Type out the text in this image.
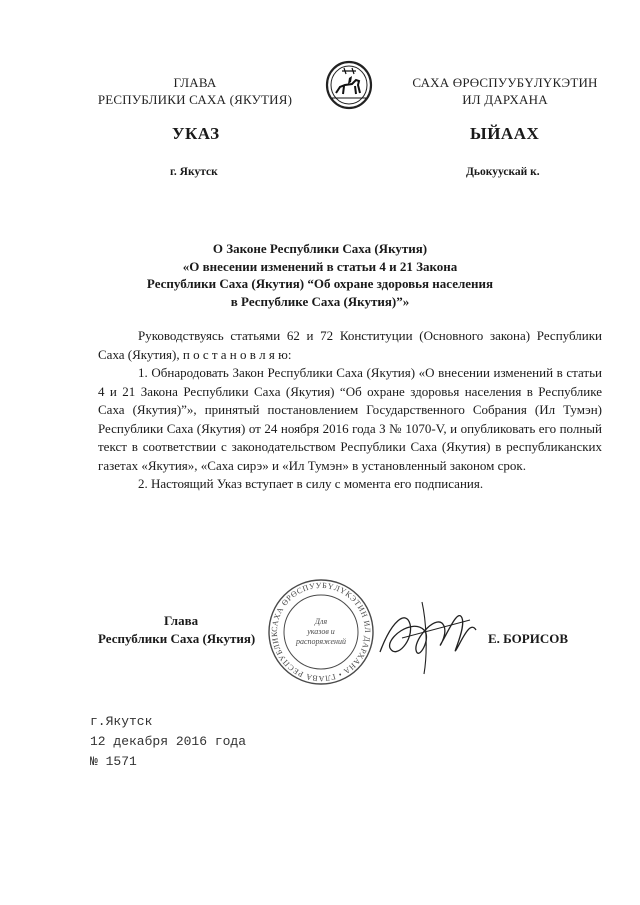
ГЛАВА
РЕСПУБЛИКИ САХА (ЯКУТИЯ)
САХА ӨРӨСПУУБҮЛҮКЭТИН
ИЛ ДАРХАНА
УКАЗ	ЫЙААХ
г. Якутск	Дьокуускай к.
О Законе Республики Саха (Якутия)
«О внесении изменений в статьи 4 и 21 Закона
Республики Саха (Якутия) “Об охране здоровья населения
в Республике Саха (Якутия)”»

Руководствуясь статьями 62 и 72 Конституции (Основного закона) Республики Саха (Якутия), п о с т а н о в л я ю:

1. Обнародовать Закон Республики Саха (Якутия) «О внесении изменений в статьи 4 и 21 Закона Республики Саха (Якутия) “Об охране здоровья населения в Республике Саха (Якутия)”», принятый постановлением Государственного Собрания (Ил Тумэн) Республики Саха (Якутия) от 24 ноября 2016 года З № 1070-V, и опубликовать его полный текст в соответствии с законодательством Республики Саха (Якутия) в республиканских газетах «Якутия», «Саха сирэ» и «Ил Тумэн» в установленный законом срок.

2. Настоящий Указ вступает в силу с момента его подписания.

Глава
Республики Саха (Якутия)
САХА ӨРӨСПУУБҮЛҮКЭТИН ИЛ ДАРХАНА • ГЛАВА РЕСПУБЛИК
Для
указов и
распоряжений	Е. БОРИСОВ
г.Якутск
12 декабря 2016 года
№ 1571
